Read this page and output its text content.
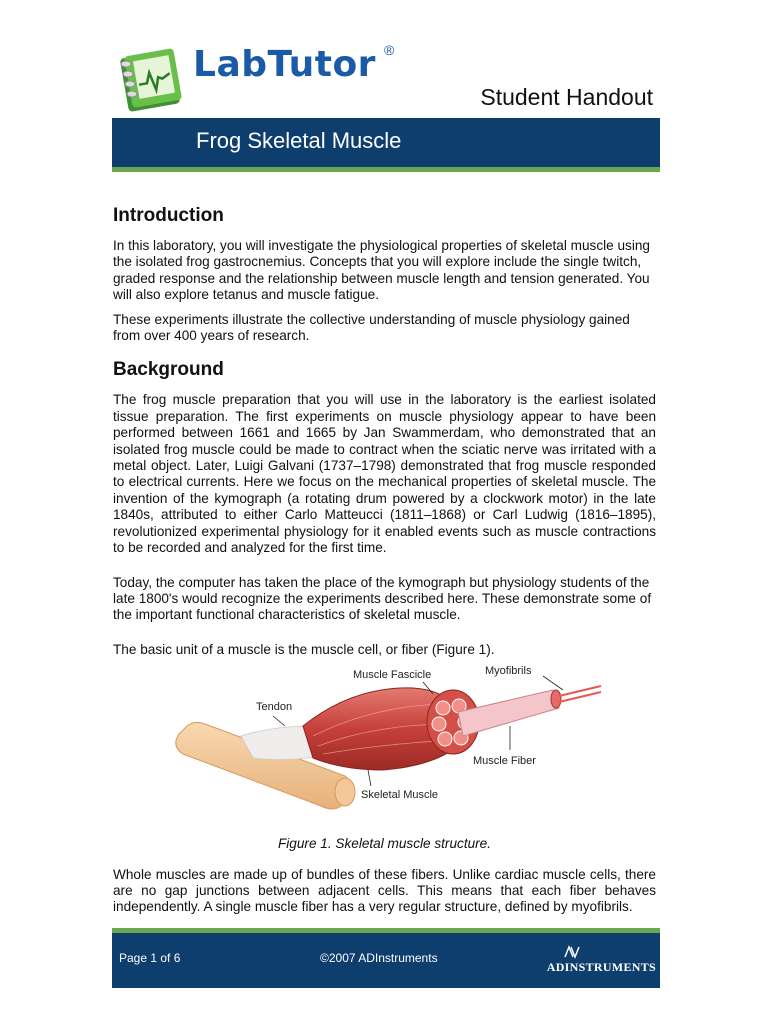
LabTutor ®
Student Handout
Frog Skeletal Muscle
Introduction

In this laboratory, you will investigate the physiological properties of skeletal muscle using the isolated frog gastrocnemius. Concepts that you will explore include the single twitch, graded response and the relationship between muscle length and tension generated. You will also explore tetanus and muscle fatigue.

These experiments illustrate the collective understanding of muscle physiology gained from over 400 years of research.

Background

The frog muscle preparation that you will use in the laboratory is the earliest isolated tissue preparation. The first experiments on muscle physiology appear to have been performed between 1661 and 1665 by Jan Swammerdam, who demonstrated that an isolated frog muscle could be made to contract when the sciatic nerve was irritated with a metal object. Later, Luigi Galvani (1737–1798) demonstrated that frog muscle responded to electrical currents. Here we focus on the mechanical properties of skeletal muscle. The invention of the kymograph (a rotating drum powered by a clockwork motor) in the late 1840s, attributed to either Carlo Matteucci (1811–1868) or Carl Ludwig (1816–1895), revolutionized experimental physiology for it enabled events such as muscle contractions to be recorded and analyzed for the first time.

Today, the computer has taken the place of the kymograph but physiology students of the late 1800's would recognize the experiments described here. These demonstrate some of the important functional characteristics of skeletal muscle.

The basic unit of a muscle is the muscle cell, or fiber (Figure 1).

Tendon
Muscle Fascicle	Myofibrils
Muscle Fiber
Skeletal Muscle
Figure 1. Skeletal muscle structure.

Whole muscles are made up of bundles of these fibers. Unlike cardiac muscle cells, there are no gap junctions between adjacent cells. This means that each fiber behaves independently. A single muscle fiber has a very regular structure, defined by myofibrils.

Page 1 of 6	©2007 ADInstruments
ADINSTRUMENTS
